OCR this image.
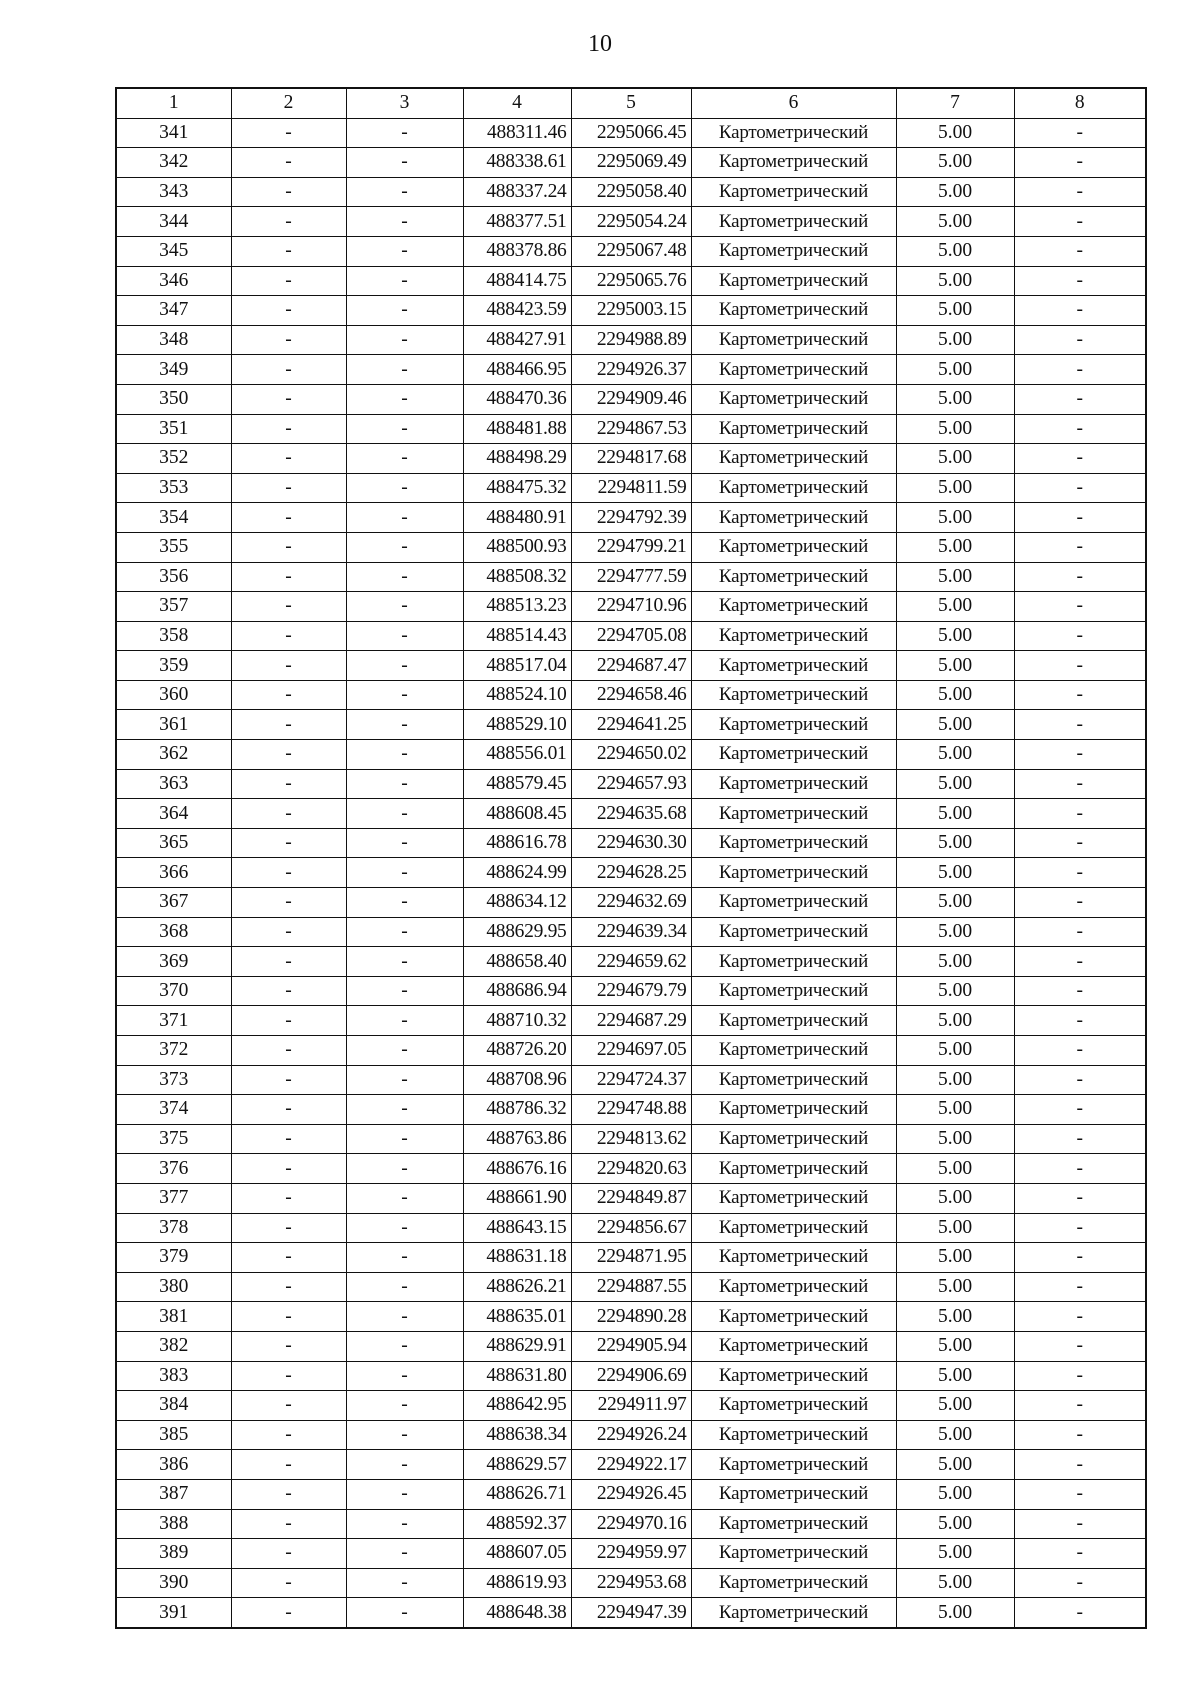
10
1	2	3	4	5	6	7	8
341	-	-	488311.46	2295066.45	Картометрический	5.00	-
342	-	-	488338.61	2295069.49	Картометрический	5.00	-
343	-	-	488337.24	2295058.40	Картометрический	5.00	-
344	-	-	488377.51	2295054.24	Картометрический	5.00	-
345	-	-	488378.86	2295067.48	Картометрический	5.00	-
346	-	-	488414.75	2295065.76	Картометрический	5.00	-
347	-	-	488423.59	2295003.15	Картометрический	5.00	-
348	-	-	488427.91	2294988.89	Картометрический	5.00	-
349	-	-	488466.95	2294926.37	Картометрический	5.00	-
350	-	-	488470.36	2294909.46	Картометрический	5.00	-
351	-	-	488481.88	2294867.53	Картометрический	5.00	-
352	-	-	488498.29	2294817.68	Картометрический	5.00	-
353	-	-	488475.32	2294811.59	Картометрический	5.00	-
354	-	-	488480.91	2294792.39	Картометрический	5.00	-
355	-	-	488500.93	2294799.21	Картометрический	5.00	-
356	-	-	488508.32	2294777.59	Картометрический	5.00	-
357	-	-	488513.23	2294710.96	Картометрический	5.00	-
358	-	-	488514.43	2294705.08	Картометрический	5.00	-
359	-	-	488517.04	2294687.47	Картометрический	5.00	-
360	-	-	488524.10	2294658.46	Картометрический	5.00	-
361	-	-	488529.10	2294641.25	Картометрический	5.00	-
362	-	-	488556.01	2294650.02	Картометрический	5.00	-
363	-	-	488579.45	2294657.93	Картометрический	5.00	-
364	-	-	488608.45	2294635.68	Картометрический	5.00	-
365	-	-	488616.78	2294630.30	Картометрический	5.00	-
366	-	-	488624.99	2294628.25	Картометрический	5.00	-
367	-	-	488634.12	2294632.69	Картометрический	5.00	-
368	-	-	488629.95	2294639.34	Картометрический	5.00	-
369	-	-	488658.40	2294659.62	Картометрический	5.00	-
370	-	-	488686.94	2294679.79	Картометрический	5.00	-
371	-	-	488710.32	2294687.29	Картометрический	5.00	-
372	-	-	488726.20	2294697.05	Картометрический	5.00	-
373	-	-	488708.96	2294724.37	Картометрический	5.00	-
374	-	-	488786.32	2294748.88	Картометрический	5.00	-
375	-	-	488763.86	2294813.62	Картометрический	5.00	-
376	-	-	488676.16	2294820.63	Картометрический	5.00	-
377	-	-	488661.90	2294849.87	Картометрический	5.00	-
378	-	-	488643.15	2294856.67	Картометрический	5.00	-
379	-	-	488631.18	2294871.95	Картометрический	5.00	-
380	-	-	488626.21	2294887.55	Картометрический	5.00	-
381	-	-	488635.01	2294890.28	Картометрический	5.00	-
382	-	-	488629.91	2294905.94	Картометрический	5.00	-
383	-	-	488631.80	2294906.69	Картометрический	5.00	-
384	-	-	488642.95	2294911.97	Картометрический	5.00	-
385	-	-	488638.34	2294926.24	Картометрический	5.00	-
386	-	-	488629.57	2294922.17	Картометрический	5.00	-
387	-	-	488626.71	2294926.45	Картометрический	5.00	-
388	-	-	488592.37	2294970.16	Картометрический	5.00	-
389	-	-	488607.05	2294959.97	Картометрический	5.00	-
390	-	-	488619.93	2294953.68	Картометрический	5.00	-
391	-	-	488648.38	2294947.39	Картометрический	5.00	-
